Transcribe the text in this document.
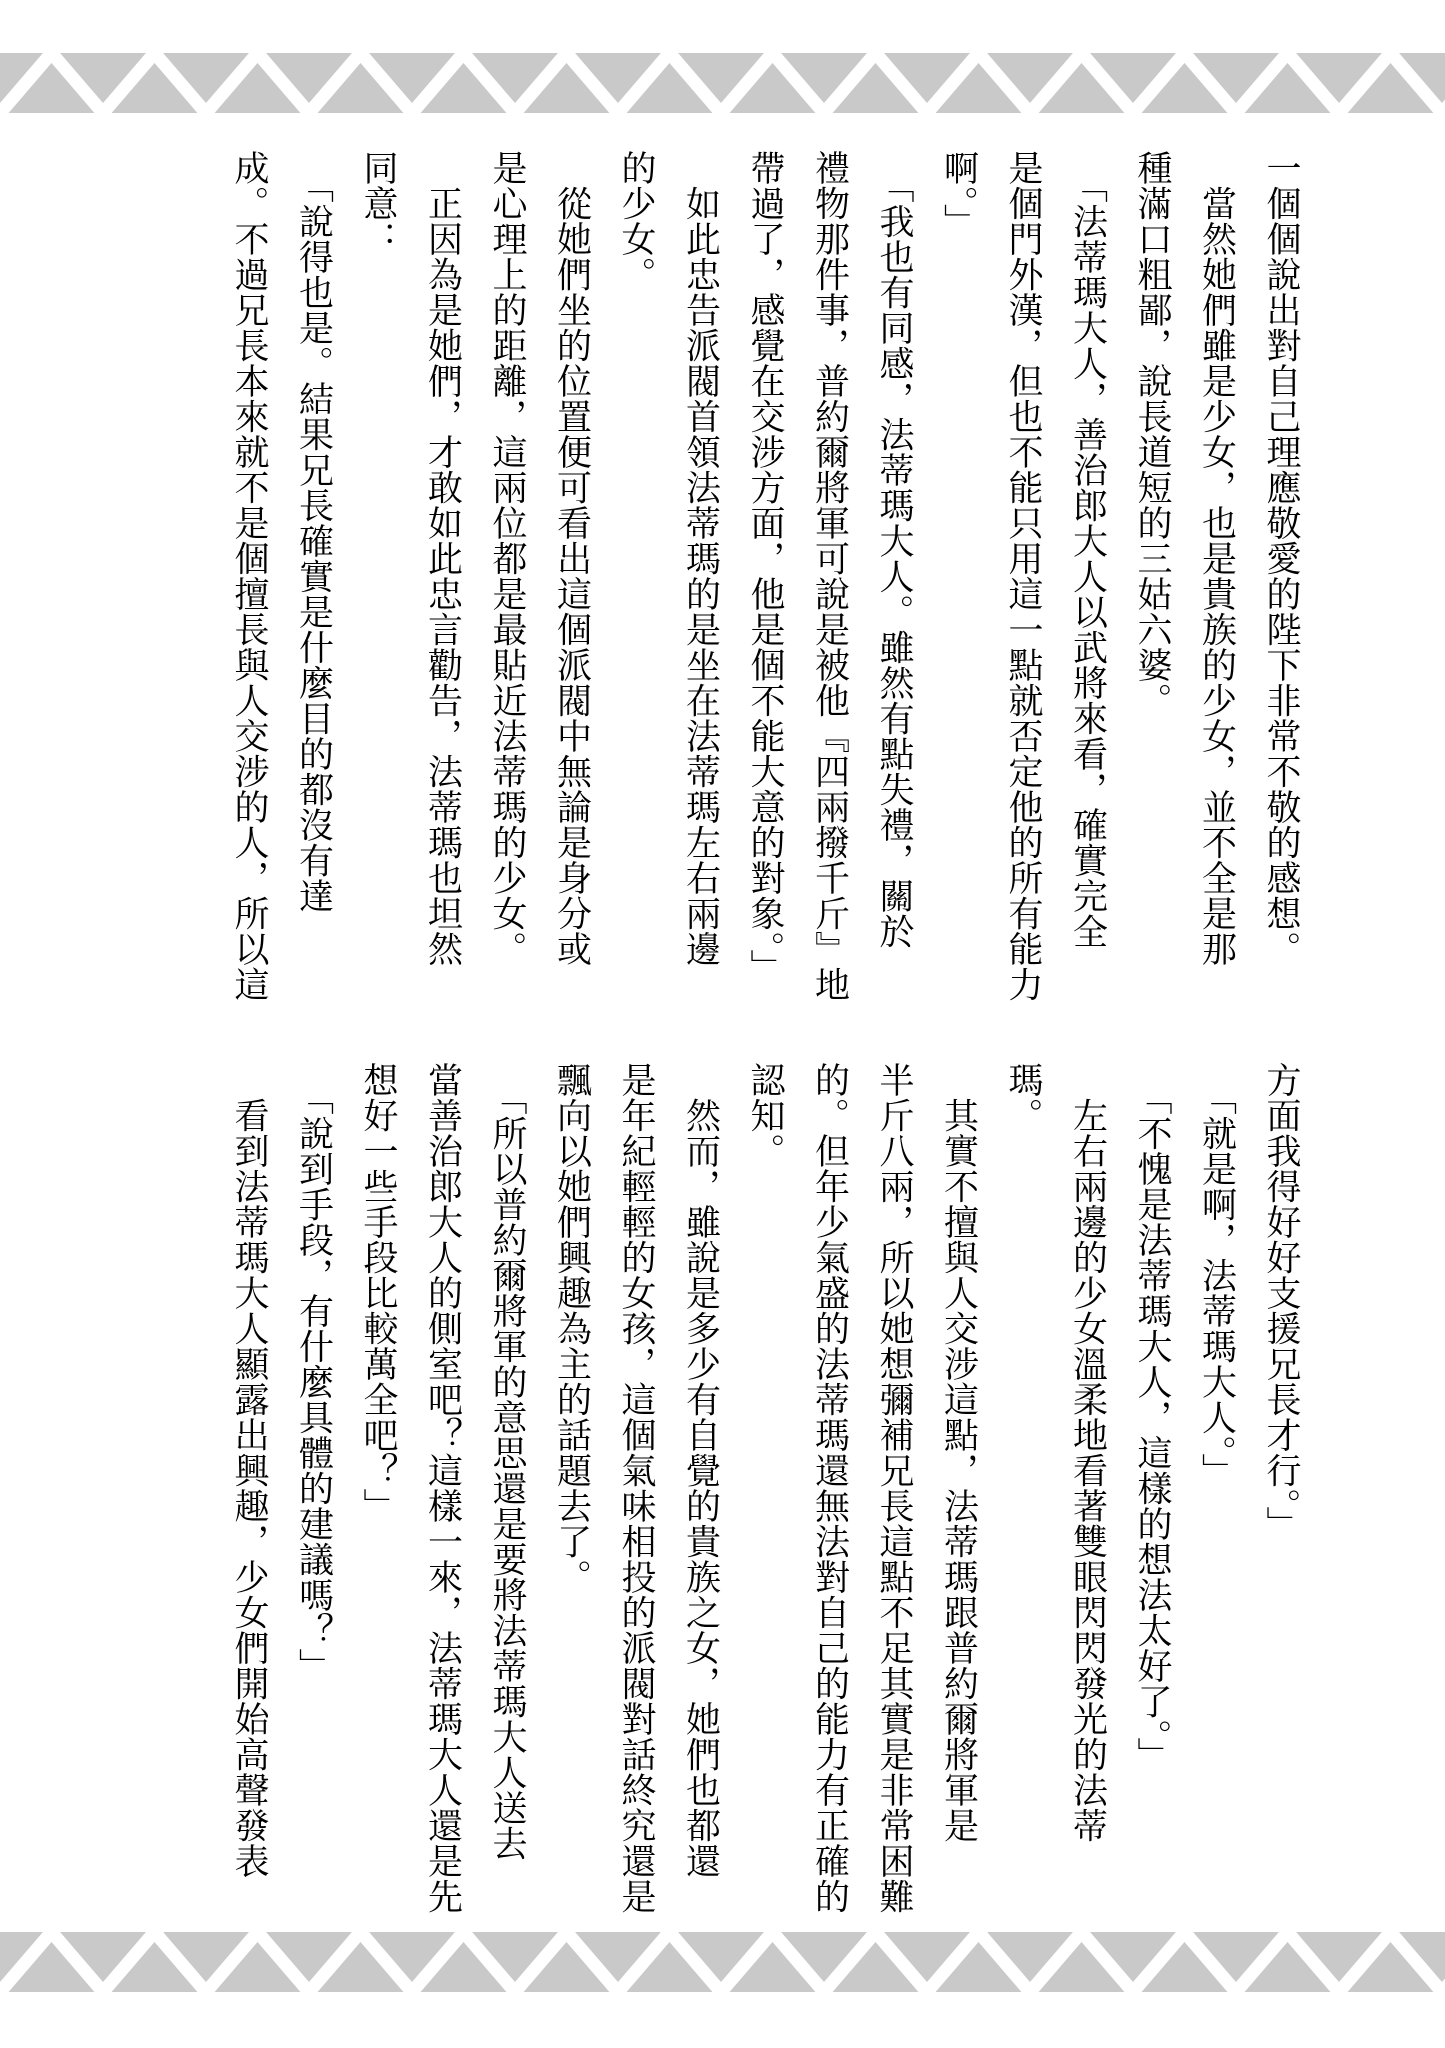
一個個說出對自己理應敬愛的陛下非常不敬的感想。
　當然她們雖是少女，也是貴族的少女，並不全是那
種滿口粗鄙，說長道短的三姑六婆。
　「法蒂瑪大人，善治郎大人以武將來看，確實完全
是個門外漢，但也不能只用這一點就否定他的所有能力
啊。」
　「我也有同感，法蒂瑪大人。雖然有點失禮，關於
禮物那件事，普約爾將軍可說是被他『四兩撥千斤』地
帶過了，感覺在交涉方面，他是個不能大意的對象。」
　如此忠告派閥首領法蒂瑪的是坐在法蒂瑪左右兩邊
的少女。
　從她們坐的位置便可看出這個派閥中無論是身分或
是心理上的距離，這兩位都是最貼近法蒂瑪的少女。
　正因為是她們，才敢如此忠言勸告，法蒂瑪也坦然
同意：
　「說得也是。結果兄長確實是什麼目的都沒有達
成。不過兄長本來就不是個擅長與人交涉的人，所以這
方面我得好好支援兄長才行。」
　「就是啊，法蒂瑪大人。」
　「不愧是法蒂瑪大人，這樣的想法太好了。」
　左右兩邊的少女溫柔地看著雙眼閃閃發光的法蒂
瑪。
　其實不擅與人交涉這點，法蒂瑪跟普約爾將軍是
半斤八兩，所以她想彌補兄長這點不足其實是非常困難
的。但年少氣盛的法蒂瑪還無法對自己的能力有正確的
認知。
　然而，雖說是多少有自覺的貴族之女，她們也都還
是年紀輕輕的女孩，這個氣味相投的派閥對話終究還是
飄向以她們興趣為主的話題去了。
　「所以普約爾將軍的意思還是要將法蒂瑪大人送去
當善治郎大人的側室吧？這樣一來，法蒂瑪大人還是先
想好一些手段比較萬全吧？」
　「說到手段，有什麼具體的建議嗎？」
　看到法蒂瑪大人顯露出興趣，少女們開始高聲發表
